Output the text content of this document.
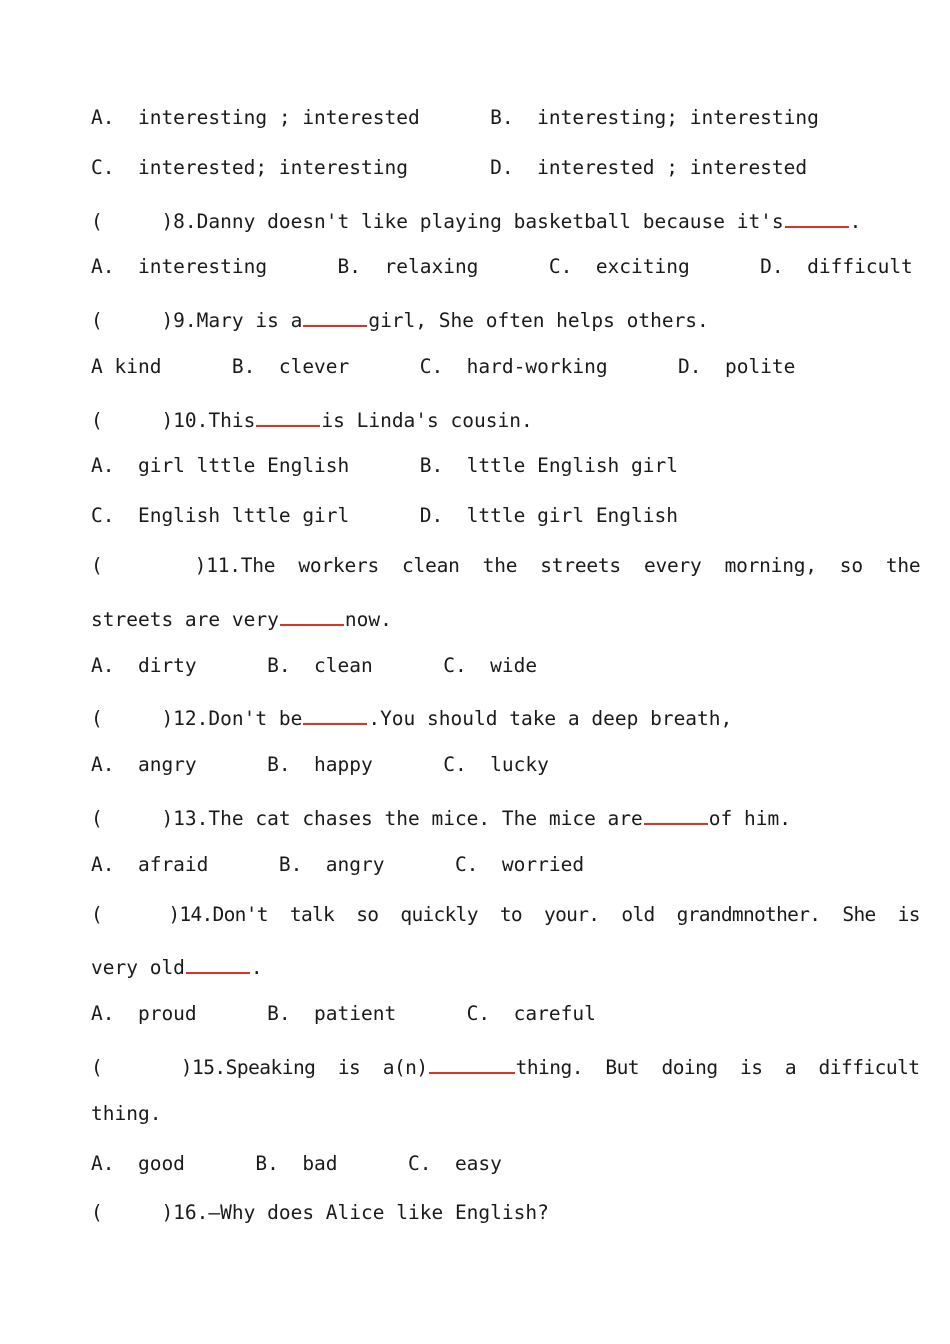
A.  interesting ; interested      B.  interesting; interesting
C.  interested; interesting       D.  interested ; interested
(     )8.Danny doesn't like playing basketball because it's	.
A.  interesting      B.  relaxing      C.  exciting      D.  difficult
(     )9.Mary is a	girl, She often helps others.
A kind      B.  clever      C.  hard-working      D.  polite
(     )10.This	is Linda's cousin.
A.  girl lttle English      B.  lttle English girl
C.  English lttle girl      D.  lttle girl English
(        )11.The  workers  clean  the  streets  every  morning,  so  the
streets are very	now.
A.  dirty      B.  clean      C.  wide
(     )12.Don't be	.You should take a deep breath,
A.  angry      B.  happy      C.  lucky
(     )13.The cat chases the mice. The mice are	of him.
A.  afraid      B.  angry      C.  worried
(      )14.Don't  talk  so  quickly  to  your.  old  grandmnother.  She  is
very old	.
A.  proud      B.  patient      C.  careful
(       )15.Speaking  is  a(n)	thing.  But  doing  is  a  difficult
thing.
A.  good      B.  bad      C.  easy
(     )16.—Why does Alice like English?
